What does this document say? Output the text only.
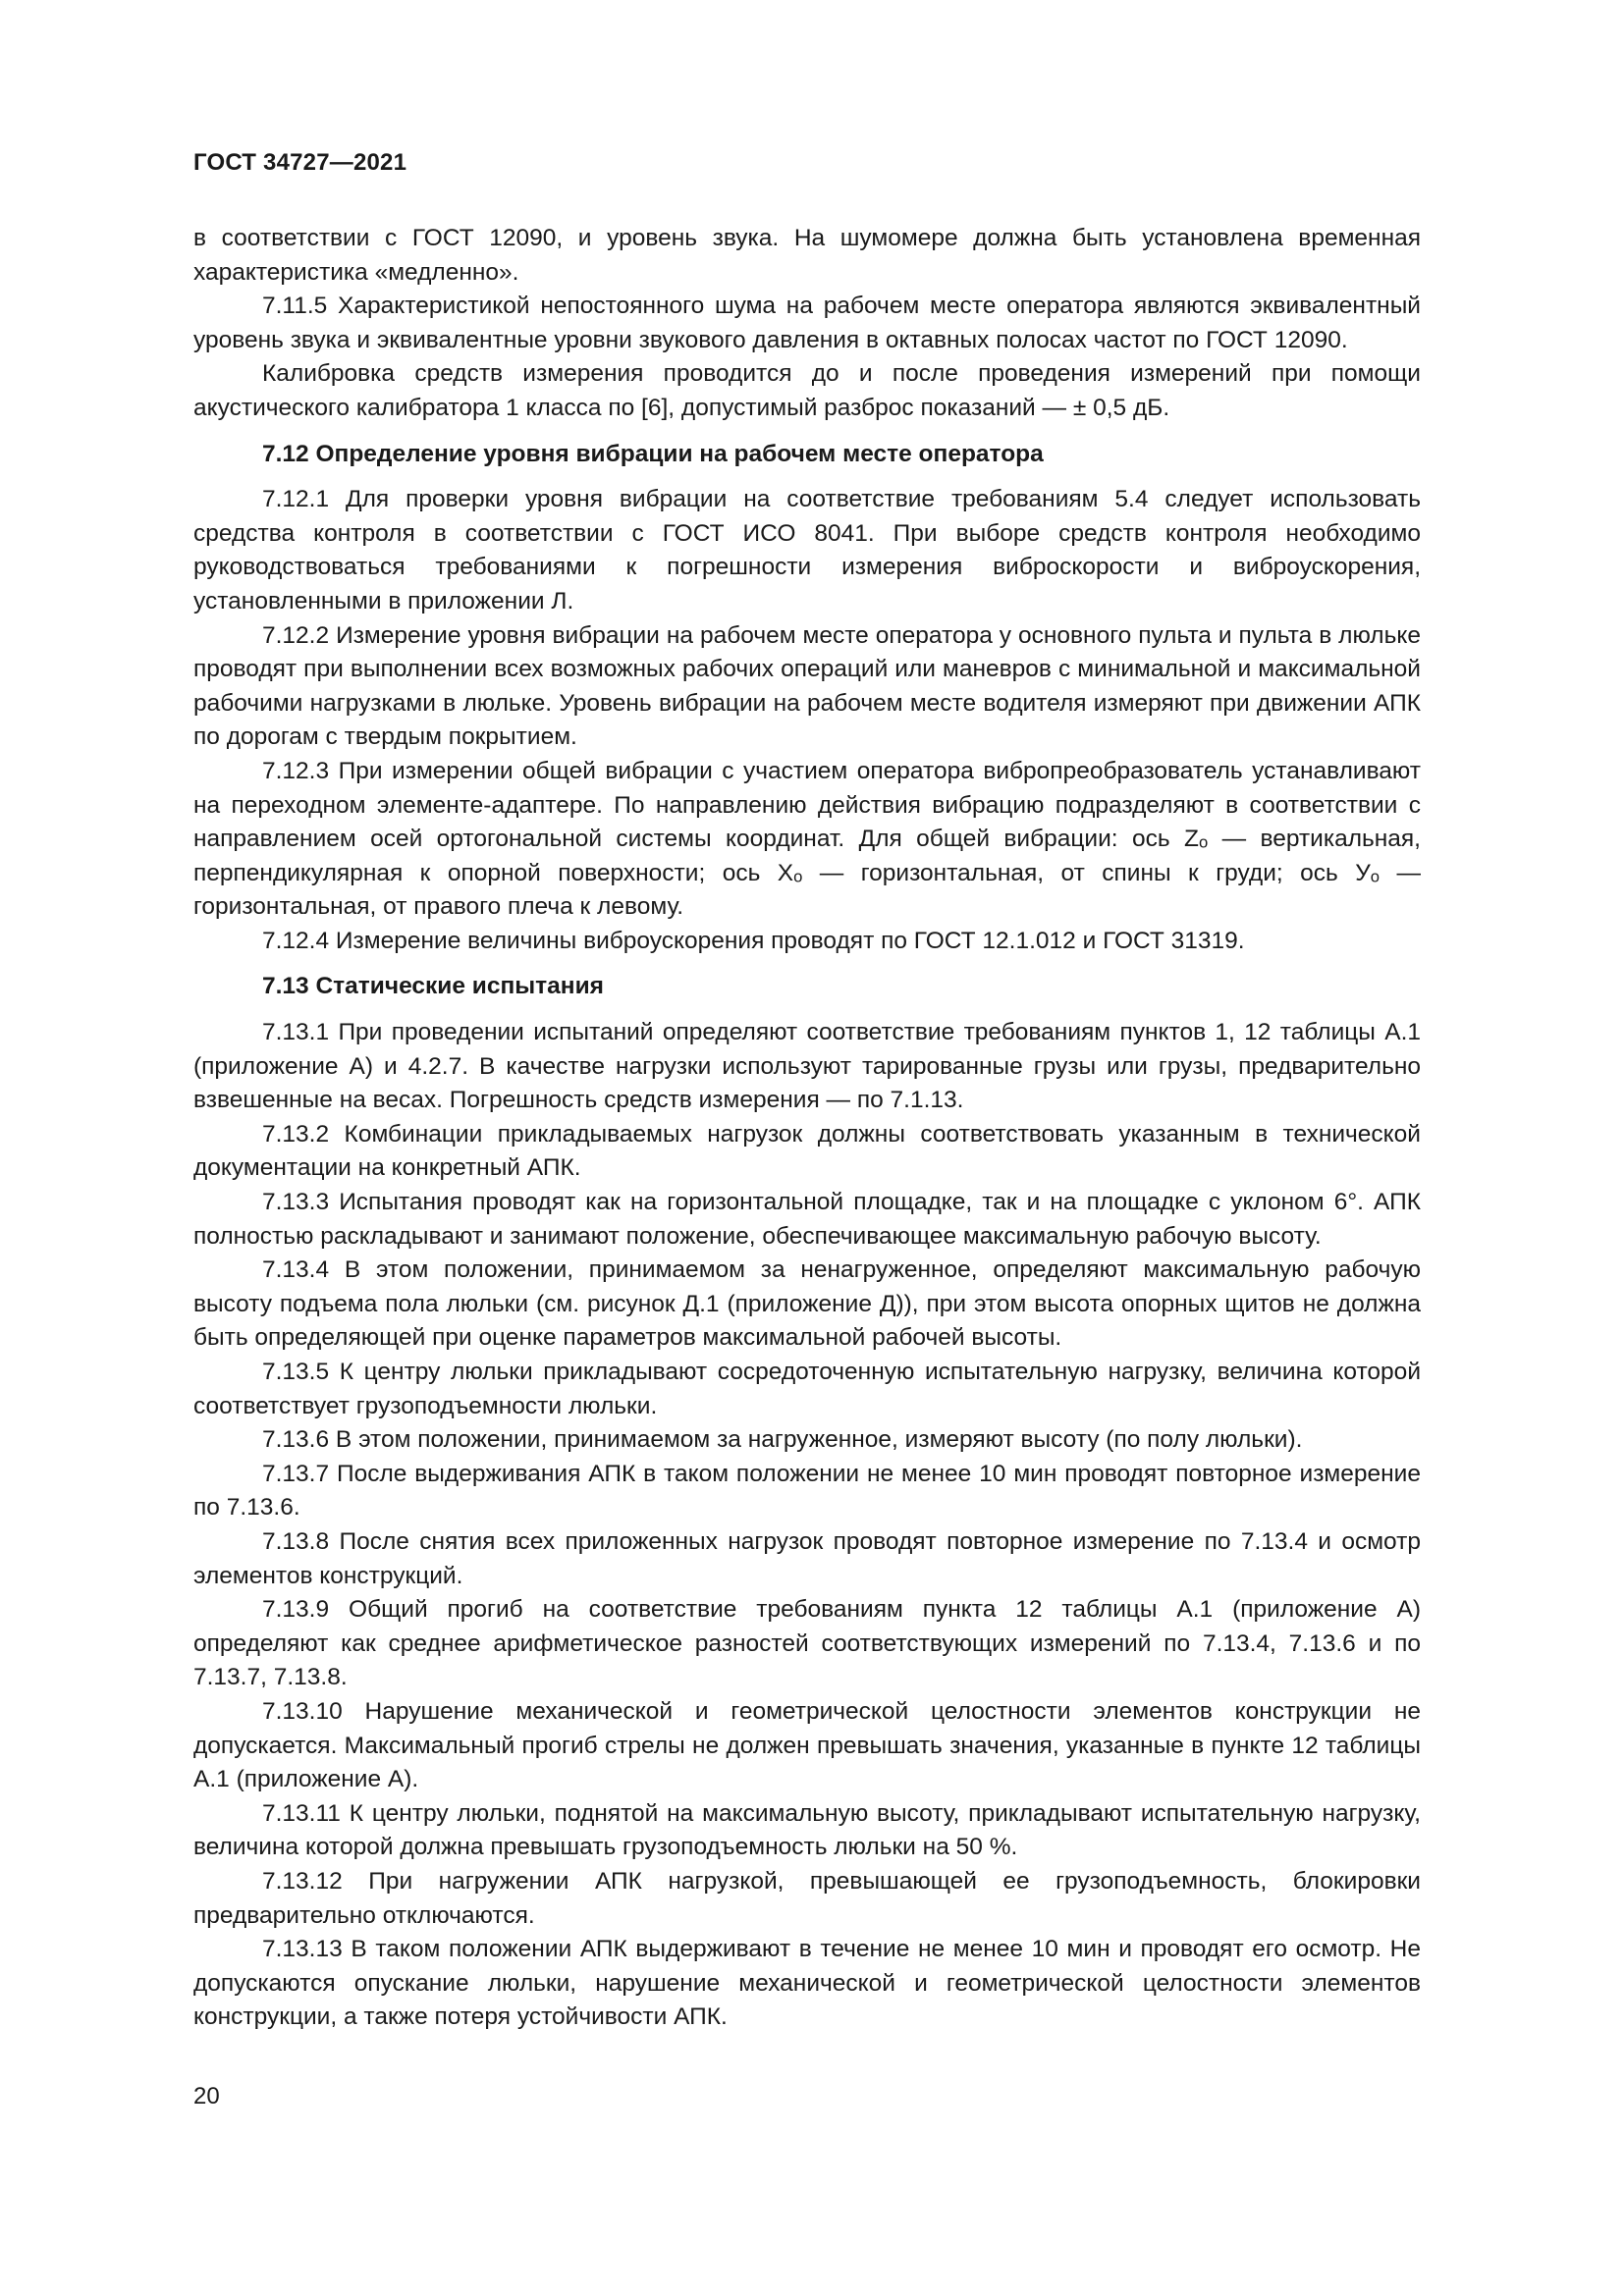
ГОСТ 34727—2021

в соответствии с ГОСТ 12090, и уровень звука. На шумомере должна быть установлена временная характеристика «медленно».

7.11.5 Характеристикой непостоянного шума на рабочем месте оператора являются эквивалентный уровень звука и эквивалентные уровни звукового давления в октавных полосах частот по ГОСТ 12090.

Калибровка средств измерения проводится до и после проведения измерений при помощи акустического калибратора 1 класса по [6], допустимый разброс показаний — ± 0,5 дБ.

7.12 Определение уровня вибрации на рабочем месте оператора

7.12.1 Для проверки уровня вибрации на соответствие требованиям 5.4 следует использовать средства контроля в соответствии с ГОСТ ИСО 8041. При выборе средств контроля необходимо руководствоваться требованиями к погрешности измерения виброскорости и виброускорения, установленными в приложении Л.

7.12.2 Измерение уровня вибрации на рабочем месте оператора у основного пульта и пульта в люльке проводят при выполнении всех возможных рабочих операций или маневров с минимальной и максимальной рабочими нагрузками в люльке. Уровень вибрации на рабочем месте водителя измеряют при движении АПК по дорогам с твердым покрытием.

7.12.3 При измерении общей вибрации с участием оператора вибропреобразователь устанавливают на переходном элементе-адаптере. По направлению действия вибрацию подразделяют в соответствии с направлением осей ортогональной системы координат. Для общей вибрации: ось Zₒ — вертикальная, перпендикулярная к опорной поверхности; ось Xₒ — горизонтальная, от спины к груди; ось Уₒ — горизонтальная, от правого плеча к левому.

7.12.4 Измерение величины виброускорения проводят по ГОСТ 12.1.012 и ГОСТ 31319.

7.13 Статические испытания

7.13.1 При проведении испытаний определяют соответствие требованиям пунктов 1, 12 таблицы А.1 (приложение А) и 4.2.7. В качестве нагрузки используют тарированные грузы или грузы, предварительно взвешенные на весах. Погрешность средств измерения — по 7.1.13.

7.13.2 Комбинации прикладываемых нагрузок должны соответствовать указанным в технической документации на конкретный АПК.

7.13.3 Испытания проводят как на горизонтальной площадке, так и на площадке с уклоном 6°. АПК полностью раскладывают и занимают положение, обеспечивающее максимальную рабочую высоту.

7.13.4 В этом положении, принимаемом за ненагруженное, определяют максимальную рабочую высоту подъема пола люльки (см. рисунок Д.1 (приложение Д)), при этом высота опорных щитов не должна быть определяющей при оценке параметров максимальной рабочей высоты.

7.13.5 К центру люльки прикладывают сосредоточенную испытательную нагрузку, величина которой соответствует грузоподъемности люльки.

7.13.6 В этом положении, принимаемом за нагруженное, измеряют высоту (по полу люльки).

7.13.7 После выдерживания АПК в таком положении не менее 10 мин проводят повторное измерение по 7.13.6.

7.13.8 После снятия всех приложенных нагрузок проводят повторное измерение по 7.13.4 и осмотр элементов конструкций.

7.13.9 Общий прогиб на соответствие требованиям пункта 12 таблицы А.1 (приложение А) определяют как среднее арифметическое разностей соответствующих измерений по 7.13.4, 7.13.6 и по 7.13.7, 7.13.8.

7.13.10 Нарушение механической и геометрической целостности элементов конструкции не допускается. Максимальный прогиб стрелы не должен превышать значения, указанные в пункте 12 таблицы А.1 (приложение А).

7.13.11 К центру люльки, поднятой на максимальную высоту, прикладывают испытательную нагрузку, величина которой должна превышать грузоподъемность люльки на 50 %.

7.13.12 При нагружении АПК нагрузкой, превышающей ее грузоподъемность, блокировки предварительно отключаются.

7.13.13 В таком положении АПК выдерживают в течение не менее 10 мин и проводят его осмотр. Не допускаются опускание люльки, нарушение механической и геометрической целостности элементов конструкции, а также потеря устойчивости АПК.

20
